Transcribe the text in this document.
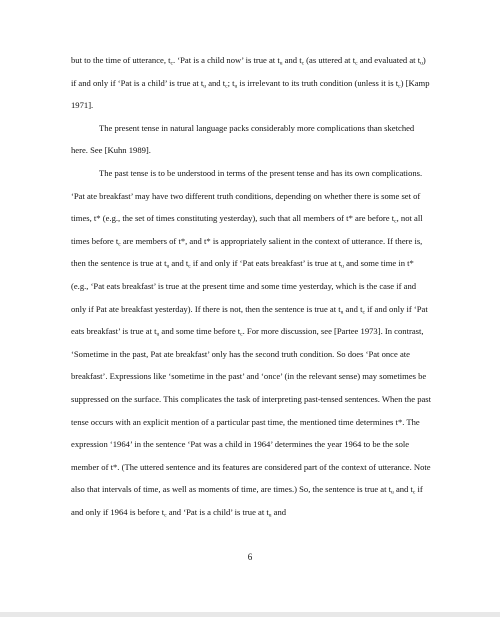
but to the time of utterance, $t_c$. ‘Pat is a child now’ is true at $t_u$ and $t_c$ (as uttered at $t_c$ and evaluated at $t_u$) if and only if ‘Pat is a child’ is true at $t_u$ and $t_c$; $t_u$ is irrelevant to its truth condition (unless it is $t_c$) [Kamp 1971].

The present tense in natural language packs considerably more complications than sketched here. See [Kuhn 1989].

The past tense is to be understood in terms of the present tense and has its own complications. ‘Pat ate breakfast’ may have two different truth conditions, depending on whether there is some set of times, t* (e.g., the set of times constituting yesterday), such that all members of t* are before $t_c$, not all times before $t_c$ are members of t*, and t* is appropriately salient in the context of utterance. If there is, then the sentence is true at $t_u$ and $t_c$ if and only if ‘Pat eats breakfast’ is true at $t_u$ and some time in t* (e.g., ‘Pat eats breakfast’ is true at the present time and some time yesterday, which is the case if and only if Pat ate breakfast yesterday). If there is not, then the sentence is true at $t_u$ and $t_c$ if and only if ‘Pat eats breakfast’ is true at $t_u$ and some time before $t_c$. For more discussion, see [Partee 1973]. In contrast, ‘Sometime in the past, Pat ate breakfast’ only has the second truth condition. So does ‘Pat once ate breakfast’. Expressions like ‘sometime in the past’ and ‘once’ (in the relevant sense) may sometimes be suppressed on the surface. This complicates the task of interpreting past-tensed sentences. When the past tense occurs with an explicit mention of a particular past time, the mentioned time determines t*. The expression ‘1964’ in the sentence ‘Pat was a child in 1964’ determines the year 1964 to be the sole member of t*. (The uttered sentence and its features are considered part of the context of utterance. Note also that intervals of time, as well as moments of time, are times.) So, the sentence is true at $t_u$ and $t_c$ if and only if 1964 is before $t_c$ and ‘Pat is a child’ is true at $t_u$ and

6
